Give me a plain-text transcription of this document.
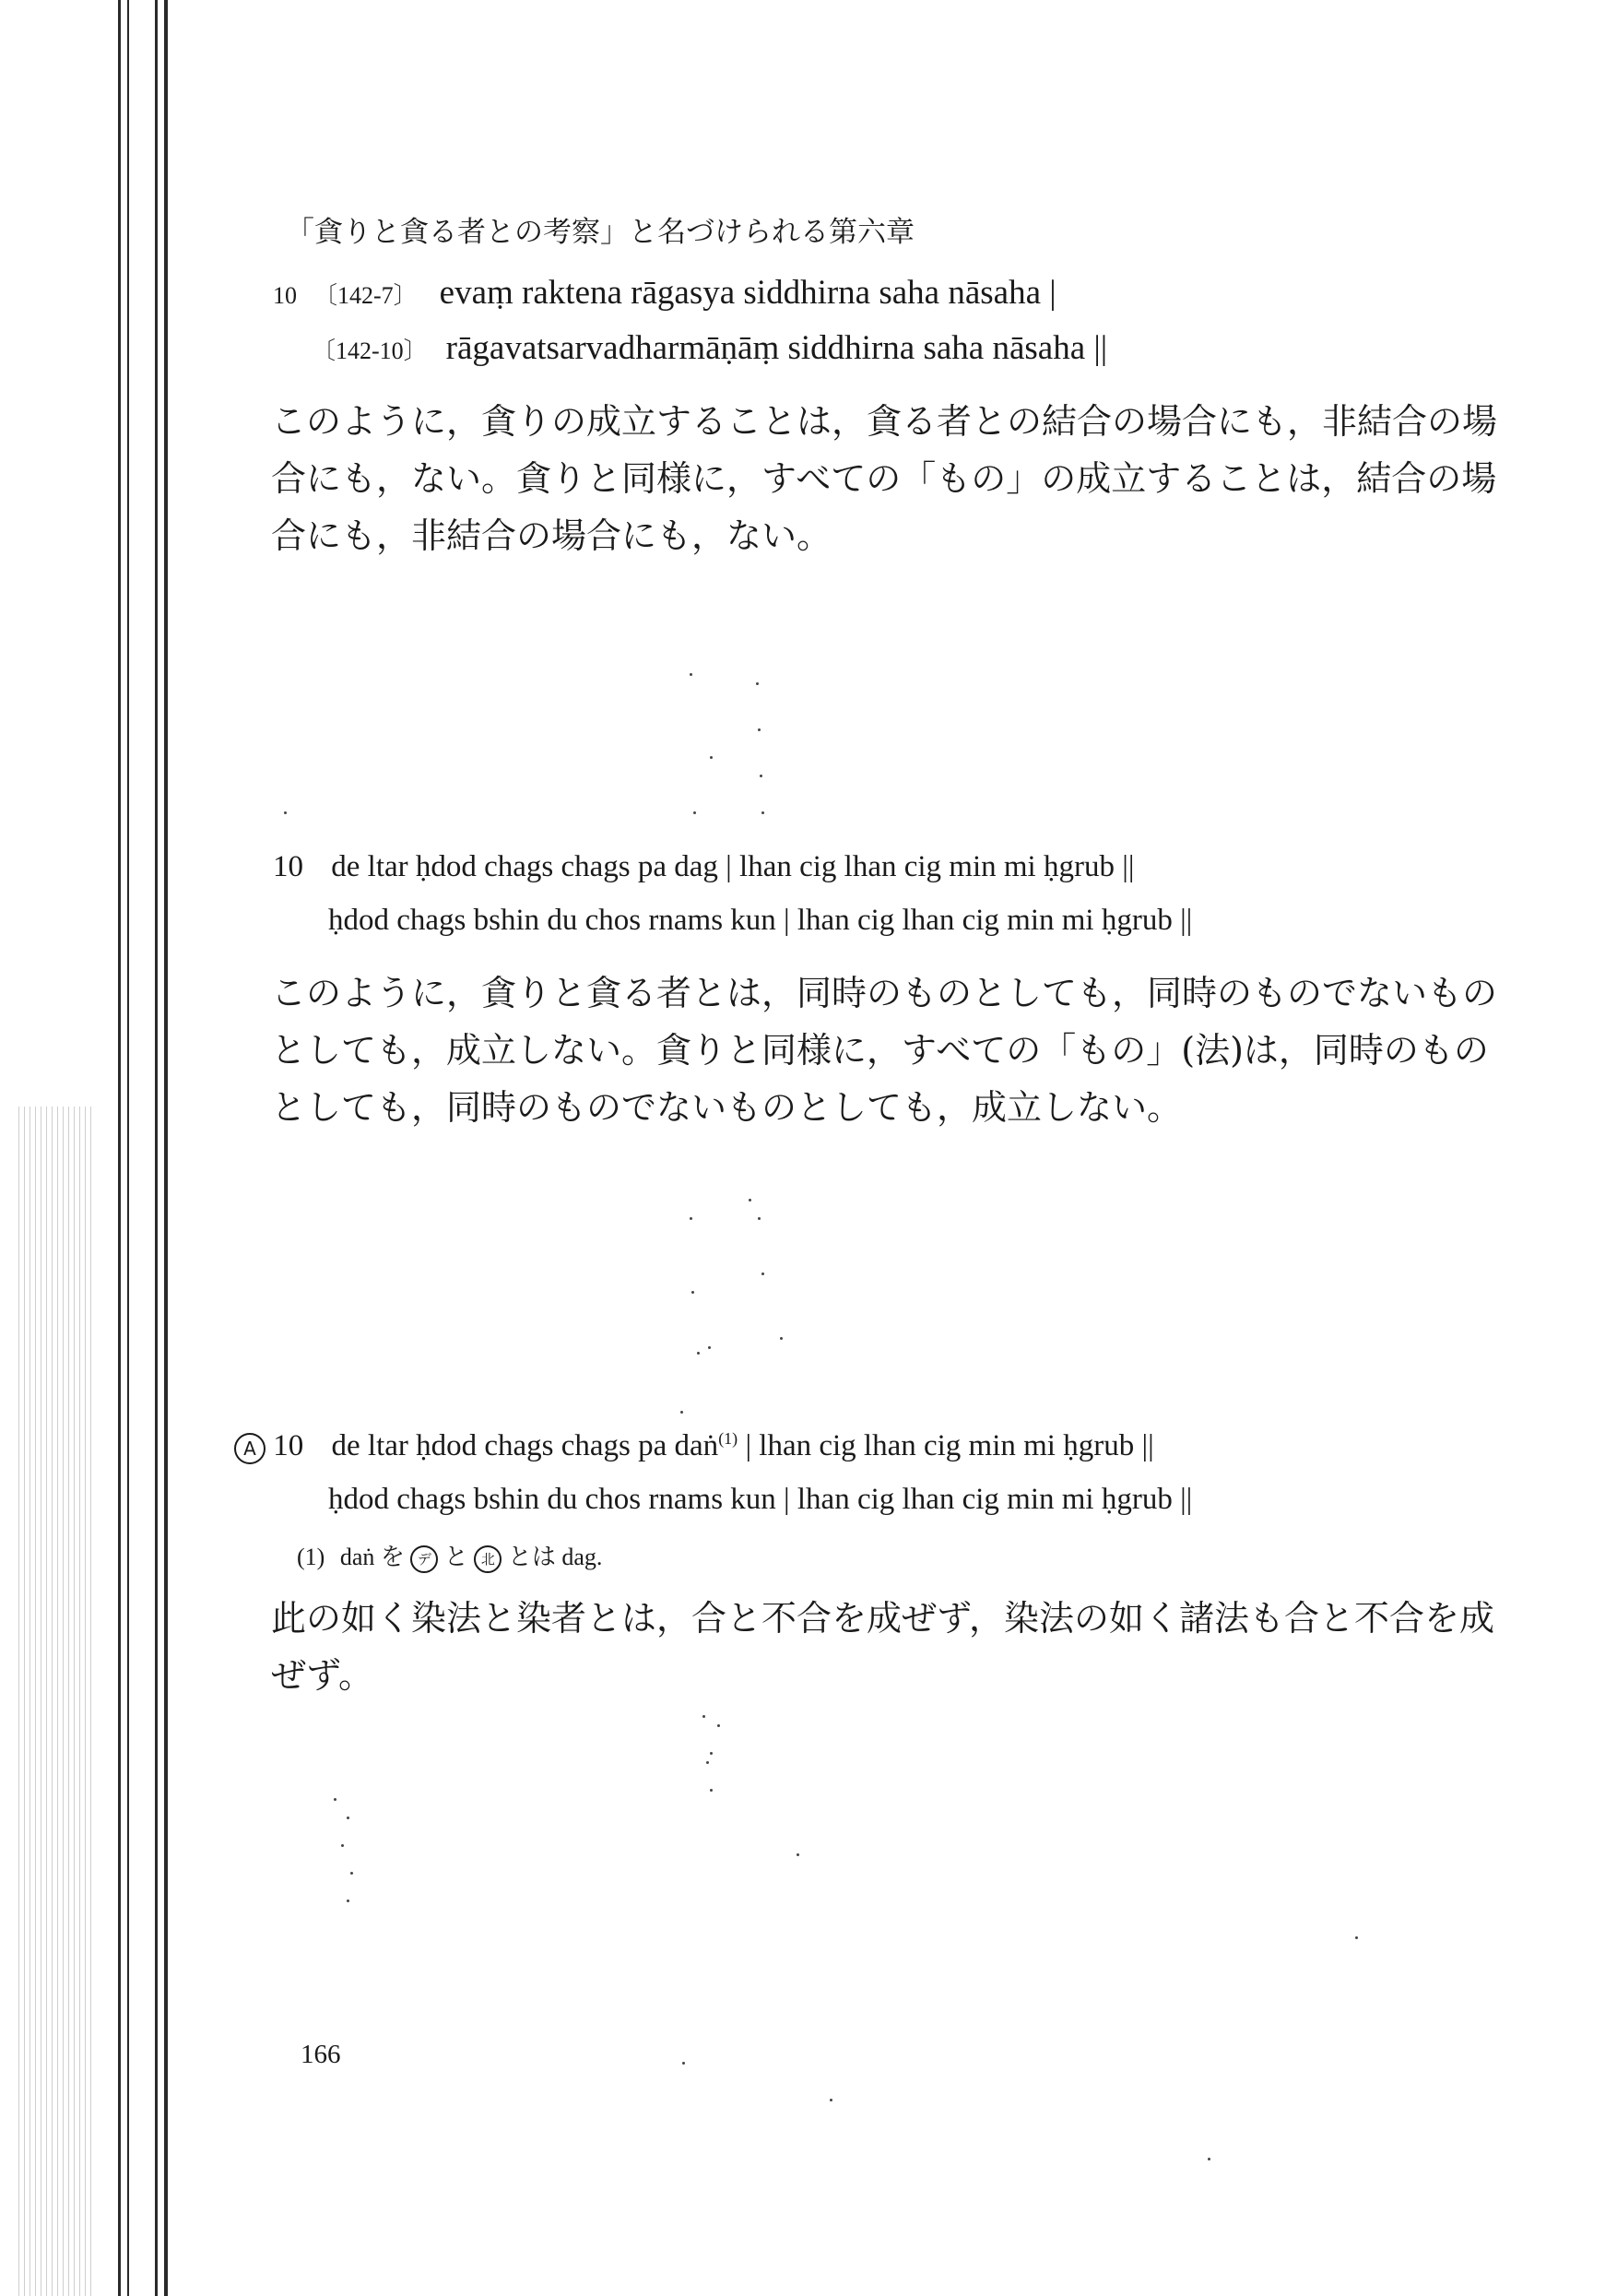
「貪りと貪る者との考察」と名づけられる第六章
10 〔142-7〕 evaṃ raktena rāgasya siddhirna saha nāsaha |
〔142-10〕 rāgavatsarvadharmāṇāṃ siddhirna saha nāsaha ||
このように，貪りの成立することは，貪る者との結合の場合にも，非結合の場合にも，ない。貪りと同様に，すべての「もの」の成立することは，結合の場合にも，非結合の場合にも，ない。
10 de ltar ḥdod chags chags pa dag | lhan cig lhan cig min mi ḥgrub ||
ḥdod chags bshin du chos rnams kun | lhan cig lhan cig min mi ḥgrub ||
このように，貪りと貪る者とは，同時のものとしても，同時のものでないものとしても，成立しない。貪りと同様に，すべての「もの」(法)は，同時のものとしても，同時のものでないものとしても，成立しない。
A 10 de ltar ḥdod chags chags pa daṅ$^{(1)}$ | lhan cig lhan cig min mi ḥgrub ||
ḥdod chags bshin du chos rnams kun | lhan cig lhan cig min mi ḥgrub ||
(1) daṅ を デ と 北 とは dag.
此の如く染法と染者とは，合と不合を成ぜず，染法の如く諸法も合と不合を成ぜず。
166
